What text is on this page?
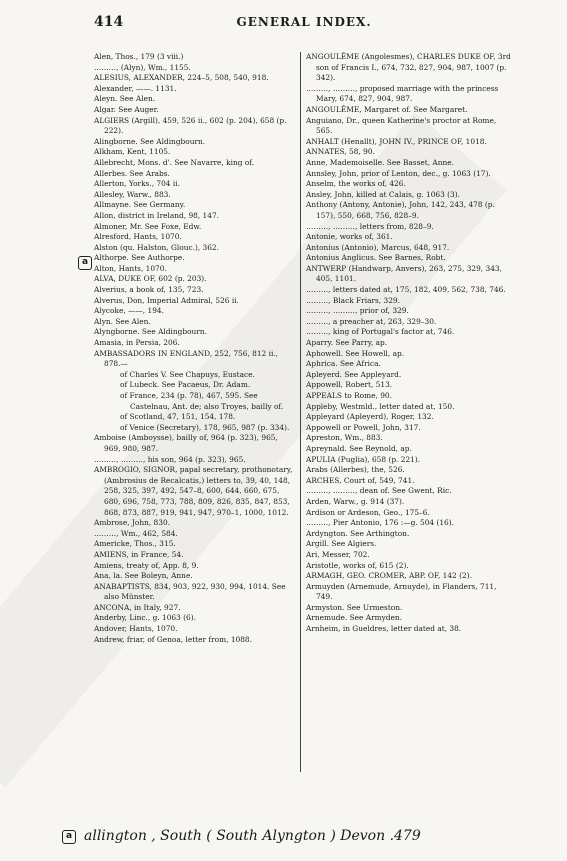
414	GENERAL INDEX.
Alen, Thos., 179 (3 viii.)
………, (Alyn), Wm., 1155.
ALESIUS, ALEXANDER, 224–5, 508, 540, 918.
Alexander, ——. 1131.
Aleyn. See Alen.
Algar. See Auger.
ALGIERS (Argill), 459, 526 ii., 602 (p. 204), 658 (p. 222).
Alingborne. See Aldingbourn.
Alkham, Kent, 1105.
Allebrecht, Mons. d'. See Navarre, king of.
Allerbes. See Arabs.
Allerton, Yorks., 704 ii.
Allesley, Warw., 883.
Allmayne. See Germany.
Allon, district in Ireland, 98, 147.
Almoner, Mr. See Foxe, Edw.
Alresford, Hants, 1070.
Alston (qu. Halston, Glouc.), 362.
Althorpe. See Authorpe.
Alton, Hants, 1070.
ALVA, DUKE OF, 602 (p. 203).
Alverius, a book of, 135, 723.
Alverus, Don, Imperial Admiral, 526 ii.
Alycoke, ——, 194.
Alyn. See Alen.
Alyngborne. See Aldingbourn.
Amasia, in Persia, 206.
AMBASSADORS IN ENGLAND, 252, 756, 812 ii., 878.—
of Charles V. See Chapuys, Eustace.
of Lubeck. See Pacaeus, Dr. Adam.
of France, 234 (p. 78), 467, 595. See Castelnau, Ant. de; also Troyes, bailly of.
of Scotland, 47, 151, 154, 178.
of Venice (Secretary), 178, 965, 987 (p. 334).
Amboise (Amboysse), bailly of, 964 (p. 323), 965, 969, 980, 987.
………, ………, his son, 964 (p. 323), 965.
AMBROGIO, SIGNOR, papal secretary, prothonotary, (Ambrosius de Recalcatis,) letters to, 39, 40, 148, 258, 325, 397, 492, 547–8, 600, 644, 660, 675, 680, 696, 758, 773, 788, 809, 826, 835, 847, 853, 868, 873, 887, 919, 941, 947, 970–1, 1000, 1012.
Ambrose, John, 830.
………, Wm., 462, 584.
Americke, Thos., 315.
AMIENS, in France, 54.
Amiens, treaty of, App. 8, 9.
Ana, la. See Boleyn, Anne.
ANABAPTISTS, 834, 903, 922, 930, 994, 1014. See also Münster.
ANCONA, in Italy, 927.
Anderby, Linc., g. 1063 (6).
Andover, Hants, 1070.
Andrew, friar, of Genoa, letter from, 1088.
ANGOULÊME (Angolesmes), CHARLES DUKE OF, 3rd son of Francis I., 674, 732, 827, 904, 987, 1007 (p. 342).
………, ………, proposed marriage with the princess Mary, 674, 827, 904, 987.
ANGOULÊME, Margaret of. See Margaret.
Anguiano, Dr., queen Katherine's proctor at Rome, 565.
ANHALT (Henallt), JOHN IV., PRINCE OF, 1018.
ANNATES, 58, 90.
Anne, Mademoiselle. See Basset, Anne.
Annsley, John, prior of Lenton, dec., g. 1063 (17).
Anselm, the works of, 426.
Ansley, John, killed at Calais, g. 1063 (3).
Anthony (Antony, Antonie), John, 142, 243, 478 (p. 157), 550, 668, 756, 828–9.
………, ………, letters from, 828–9.
Antonie, works of, 361.
Antonius (Antonio), Marcus, 648, 917.
Antonius Anglicus. See Barnes, Robt.
ANTWERP (Handwarp, Anvers), 263, 275, 329, 343, 405, 1101.
………, letters dated at, 175, 182, 409, 562, 738, 746.
………, Black Friars, 329.
………, ………, prior of, 329.
………, a preacher at, 263, 329–30.
………, king of Portugal's factor at, 746.
Aparry. See Parry, ap.
Aphowell. See Howell, ap.
Aphrica. See Africa.
Apleyerd. See Appleyard.
Appowell, Robert, 513.
APPEALS to Rome, 90.
Appleby, Westmld., letter dated at, 150.
Appleyard (Apleyerd), Roger, 132.
Appowell or Powell, John, 317.
Apreston, Wm., 883.
Apreynald. See Reynold, ap.
APULIA (Puglia), 658 (p. 221).
Arabs (Allerbes), the, 526.
ARCHES, Court of, 549, 741.
………, ………, dean of. See Gwent, Ric.
Arden, Warw., g. 914 (37).
Ardison or Ardeson, Geo., 175–6.
………, Pier Antonio, 176 :—g. 504 (16).
Ardyngton. See Arthington.
Argill. See Algiers.
Ari, Messer, 702.
Aristotle, works of, 615 (2).
ARMAGH, GEO. CROMER, ABP. OF, 142 (2).
Armuyden (Arnemude, Arnuyde), in Flanders, 711, 749.
Armyston. See Urmeston.
Arnemude. See Armyden.
Arnheim, in Gueldres, letter dated at, 38.
a
a allington , South ( South Alyngton ) Devon .479
